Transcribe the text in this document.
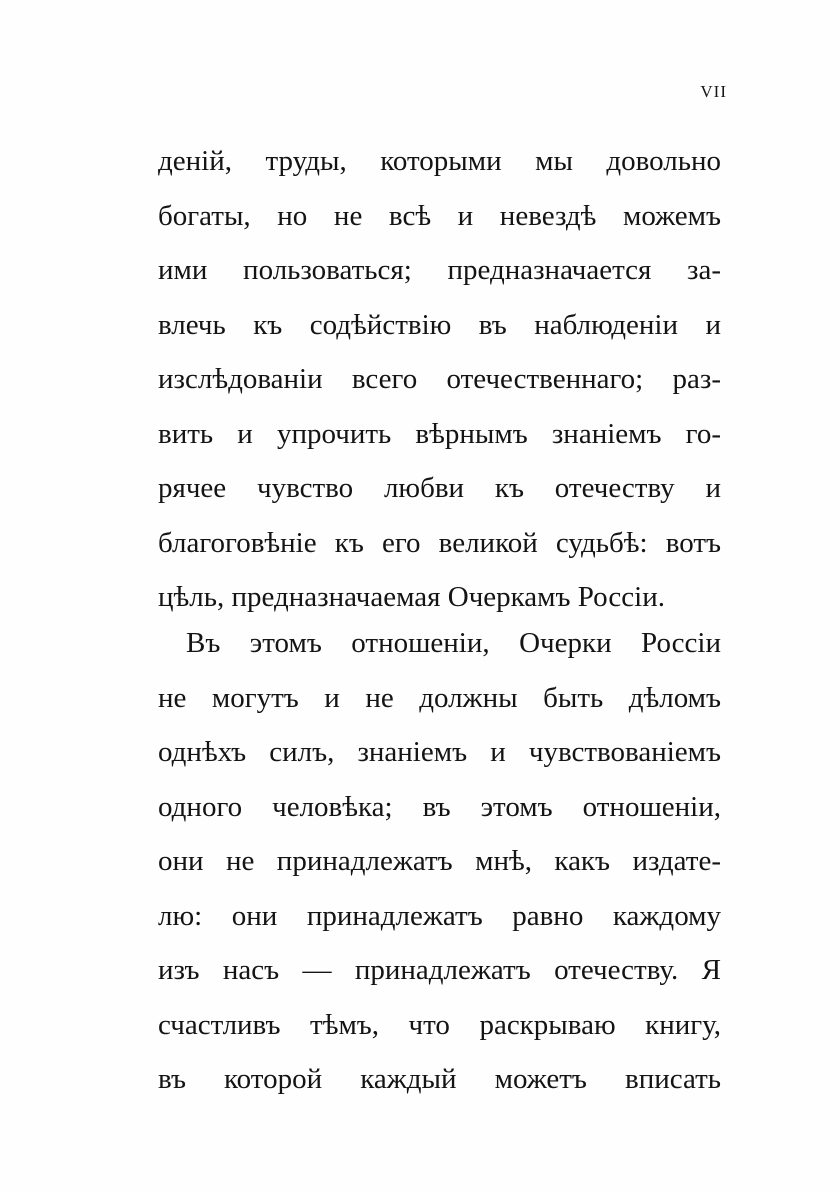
VII
деній, труды, которыми мы довольно
богаты, но не всѣ и невездѣ можемъ
ими пользоваться; предназначается за-
влечь къ содѣйствію въ наблюденіи и
изслѣдованіи всего отечественнаго; раз-
вить и упрочить вѣрнымъ знаніемъ го-
рячее чувство любви къ отечеству и
благоговѣніе къ его великой судьбѣ: вотъ
цѣль, предназначаемая Очеркамъ Россіи.
Въ этомъ отношеніи, Очерки Россіи
не могутъ и не должны быть дѣломъ
однѣхъ силъ, знаніемъ и чувствованіемъ
одного человѣка; въ этомъ отношеніи,
они не принадлежатъ мнѣ, какъ издате-
лю: они принадлежатъ равно каждому
изъ насъ — принадлежатъ отечеству. Я
счастливъ тѣмъ, что раскрываю книгу,
въ которой каждый можетъ вписать
